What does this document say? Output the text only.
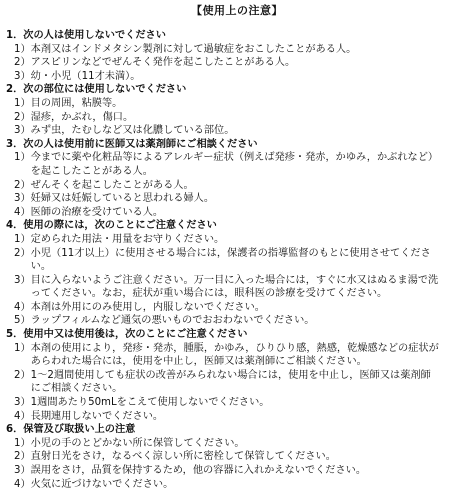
【使用上の注意】
1．次の人は使用しないでください
1） 本剤又はインドメタシン製剤に対して過敏症をおこしたことがある人。
2） アスピリンなどでぜんそく発作を起こしたことがある人。
3） 幼・小児（11才未満）。
2．次の部位には使用しないでください
1） 目の周囲，粘膜等。
2） 湿疹，かぶれ，傷口。
3） みず虫，たむしなど又は化膿している部位。
3．次の人は使用前に医師又は薬剤師にご相談ください
1） 今までに薬や化粧品等によるアレルギー症状（例えば発疹・発赤，かゆみ，かぶれなど）
を起こしたことがある人。
2） ぜんそくを起こしたことがある人。
3） 妊婦又は妊娠していると思われる婦人。
4） 医師の治療を受けている人。
4．使用の際には，次のことにご注意ください
1） 定められた用法・用量をお守りください。
2） 小児（11才以上）に使用させる場合には，保護者の指導監督のもとに使用させてくださ
い。
3） 目に入らないようご注意ください。万一目に入った場合には，すぐに水又はぬるま湯で洗
ってください。なお，症状が重い場合には，眼科医の診療を受けてください。
4） 本剤は外用にのみ使用し，内服しないでください。
5） ラップフィルムなど通気の悪いものでおおわないでください。
5．使用中又は使用後は，次のことにご注意ください
1） 本剤の使用により，発疹・発赤，腫脹，かゆみ，ひりひり感，熱感，乾燥感などの症状が
あらわれた場合には，使用を中止し，医師又は薬剤師にご相談ください。
2） 1～2週間使用しても症状の改善がみられない場合には，使用を中止し，医師又は薬剤師
にご相談ください。
3） 1週間あたり50mLをこえて使用しないでください。
4） 長期連用しないでください。
6．保管及び取扱い上の注意
1） 小児の手のとどかない所に保管してください。
2） 直射日光をさけ，なるべく涼しい所に密栓して保管してください。
3） 誤用をさけ，品質を保持するため，他の容器に入れかえないでください。
4） 火気に近づけないでください。
